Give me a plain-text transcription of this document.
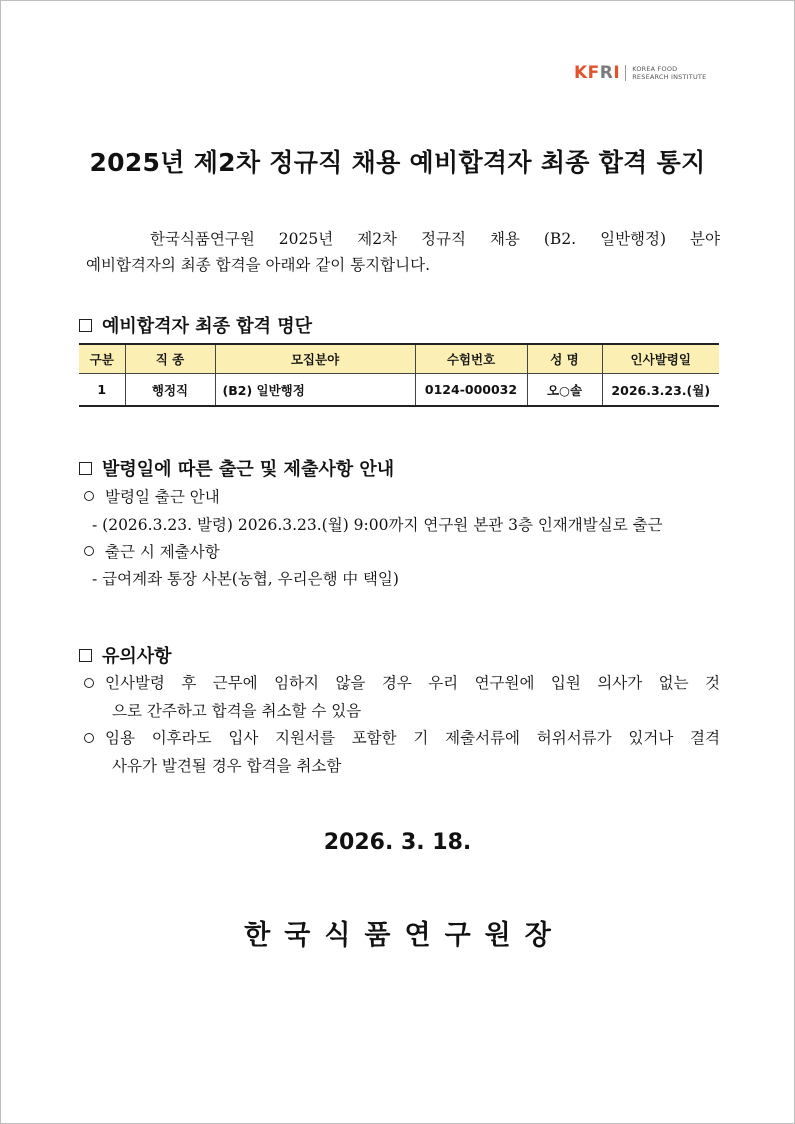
KFRI KOREA FOOD
RESEARCH INSTITUTE
2025년 제2차 정규직 채용 예비합격자 최종 합격 통지
한국식품연구원 2025년 제2차 정규직 채용 (B2. 일반행정) 분야
예비합격자의 최종 합격을 아래와 같이 통지합니다.
예비합격자 최종 합격 명단
구분	직 종	모집분야	수험번호	성 명	인사발령일
1	행정직	(B2) 일반행정	0124-000032	오○솔	2026.3.23.(월)
발령일에 따른 출근 및 제출사항 안내
발령일 출근 안내
- (2026.3.23. 발령) 2026.3.23.(월) 9:00까지 연구원 본관 3층 인재개발실로 출근
출근 시 제출사항
- 급여계좌 통장 사본(농협, 우리은행 中 택일)
유의사항
인사발령 후 근무에 임하지 않을 경우 우리 연구원에 입원 의사가 없는 것
으로 간주하고 합격을 취소할 수 있음
임용 이후라도 입사 지원서를 포함한 기 제출서류에 허위서류가 있거나 결격
사유가 발견될 경우 합격을 취소함
2026. 3. 18.
한국식품연구원장
